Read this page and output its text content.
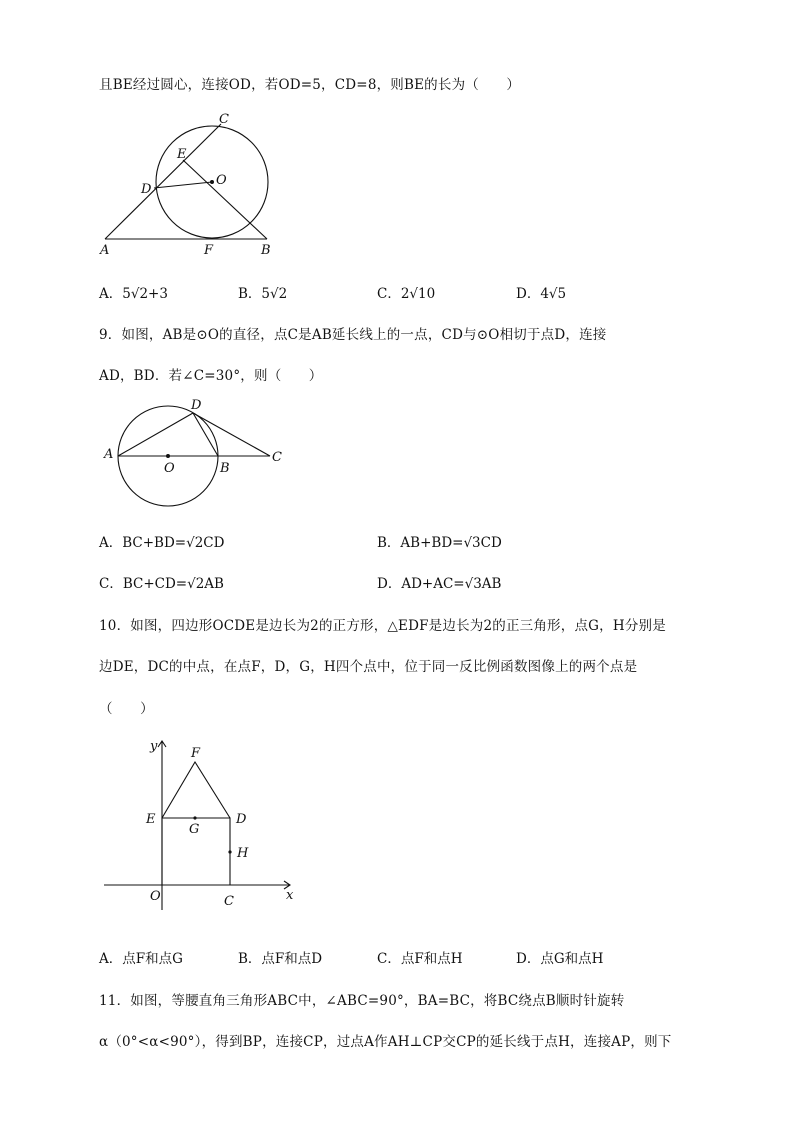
且BE经过圆心，连接OD，若OD=5，CD=8，则BE的长为（　　）
C
E
D
O
A	F	B
A．5√2+3	B．5√2	C．2√10	D．4√5
9．如图，AB是⊙O的直径，点C是AB延长线上的一点，CD与⊙O相切于点D，连接
AD，BD．若∠C=30°，则（　　）
D
A
O	B
C
A．BC+BD=√2CD	B．AB+BD=√3CD
C．BC+CD=√2AB	D．AD+AC=√3AB
10．如图，四边形OCDE是边长为2的正方形，△EDF是边长为2的正三角形，点G，H分别是
边DE，DC的中点，在点F，D，G，H四个点中，位于同一反比例函数图像上的两个点是
（　　）
y
x
F
E
G
D
H
O	C
A．点F和点G	B．点F和点D	C．点F和点H	D．点G和点H
11．如图，等腰直角三角形ABC中，∠ABC=90°，BA=BC，将BC绕点B顺时针旋转
α（0°<α<90°），得到BP，连接CP，过点A作AH⊥CP交CP的延长线于点H，连接AP，则下
